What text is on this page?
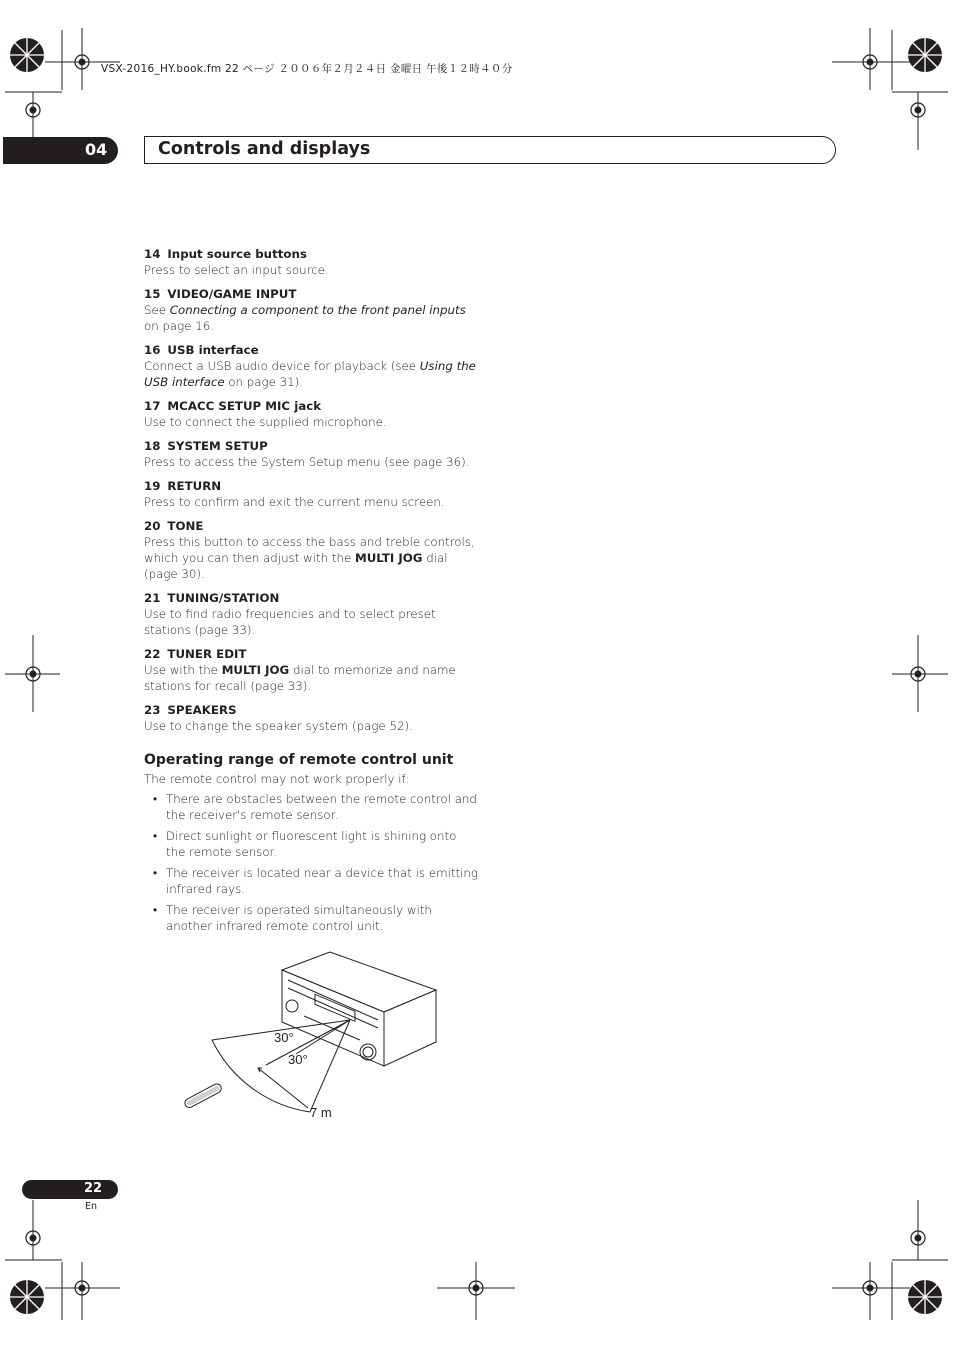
VSX-2016_HY.book.fm 22 ページ ２００６年２月２４日 金曜日 午後１２時４０分
04	Controls and displays
14 Input source buttons
Press to select an input source.
15 VIDEO/GAME INPUT
See Connecting a component to the front panel inputs on page 16.
16 USB interface
Connect a USB audio device for playback (see Using the USB interface on page 31).
17 MCACC SETUP MIC jack
Use to connect the supplied microphone.
18 SYSTEM SETUP
Press to access the System Setup menu (see page 36).
19 RETURN
Press to confirm and exit the current menu screen.
20 TONE
Press this button to access the bass and treble controls, which you can then adjust with the MULTI JOG dial (page 30).
21 TUNING/STATION
Use to find radio frequencies and to select preset stations (page 33).
22 TUNER EDIT
Use with the MULTI JOG dial to memorize and name stations for recall (page 33).
23 SPEAKERS
Use to change the speaker system (page 52).
Operating range of remote control unit
The remote control may not work properly if:
• There are obstacles between the remote control and the receiver's remote sensor.
• Direct sunlight or fluorescent light is shining onto the remote sensor.
• The receiver is located near a device that is emitting infrared rays.
• The receiver is operated simultaneously with another infrared remote control unit.
30°
30°
7 m
22
En
